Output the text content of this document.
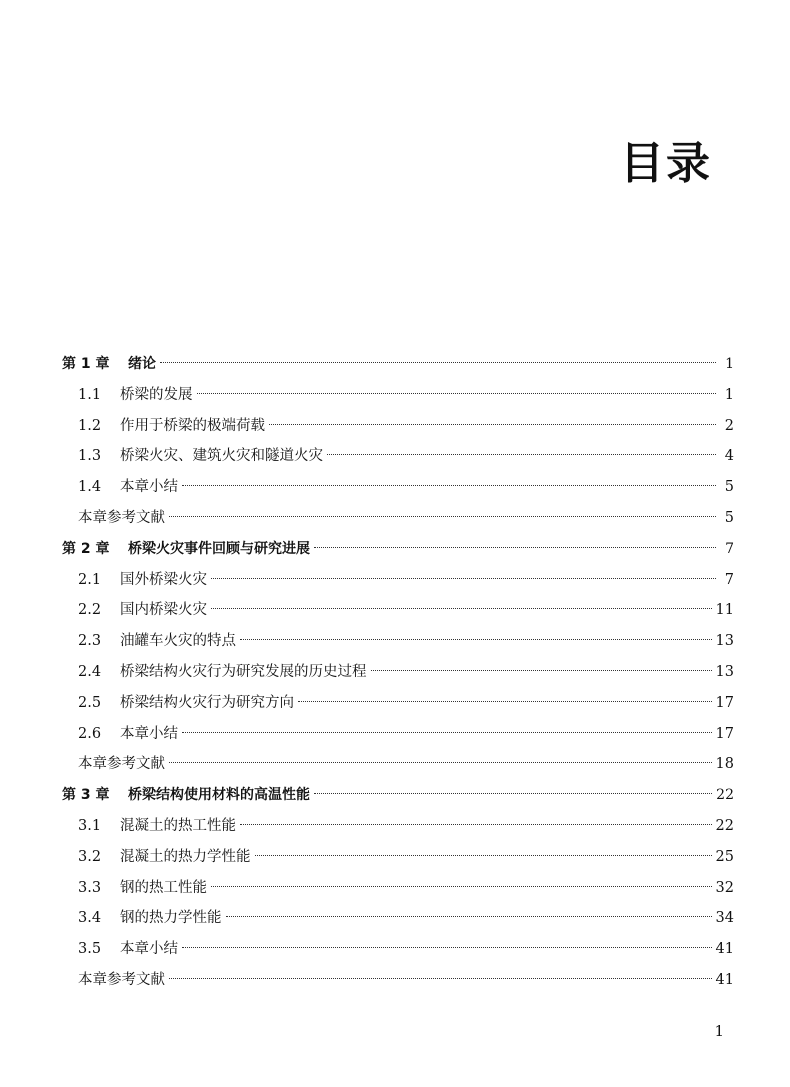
目录
第 1 章	绪论	1
1.1	桥梁的发展	1
1.2	作用于桥梁的极端荷载	2
1.3	桥梁火灾、建筑火灾和隧道火灾	4
1.4	本章小结	5
本章参考文献	5
第 2 章	桥梁火灾事件回顾与研究进展	7
2.1	国外桥梁火灾	7
2.2	国内桥梁火灾	11
2.3	油罐车火灾的特点	13
2.4	桥梁结构火灾行为研究发展的历史过程	13
2.5	桥梁结构火灾行为研究方向	17
2.6	本章小结	17
本章参考文献	18
第 3 章	桥梁结构使用材料的高温性能	22
3.1	混凝土的热工性能	22
3.2	混凝土的热力学性能	25
3.3	钢的热工性能	32
3.4	钢的热力学性能	34
3.5	本章小结	41
本章参考文献	41
1
